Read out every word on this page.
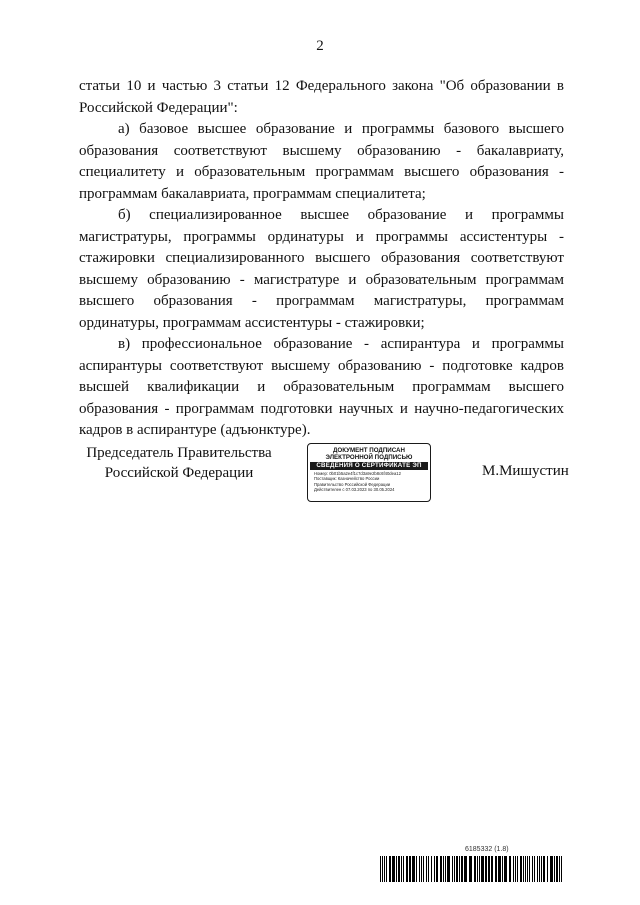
2

статьи 10 и частью 3 статьи 12 Федерального закона "Об образовании в Российской Федерации":

а) базовое высшее образование и программы базового высшего образования соответствуют высшему образованию - бакалавриату, специалитету и образовательным программам высшего образования - программам бакалавриата, программам специалитета;

б) специализированное высшее образование и программы магистратуры, программы ординатуры и программы ассистентуры - стажировки специализированного высшего образования соответствуют высшему образованию - магистратуре и образовательным программам высшего образования - программам магистратуры, программам ординатуры, программам ассистентуры - стажировки;

в) профессиональное образование - аспирантура и программы аспирантуры соответствуют высшему образованию - подготовке кадров высшей квалификации и образовательным программам высшего образования - программам подготовки научных и научно-педагогических кадров в аспирантуре (адъюнктуре).

Председатель Правительства
Российской Федерации
ДОКУМЕНТ ПОДПИСАН
ЭЛЕКТРОННОЙ ПОДПИСЬЮ
СВЕДЕНИЯ О СЕРТИФИКАТЕ ЭП
Номер: 0b01b5a2e4f1c7d3a9e2b8c6f40dea12
Поставщик: Казначейство России
Правительство Российской Федерации
Действителен с 07.03.2023 по 30.05.2024
М.Мишустин
6185332 (1.8)
